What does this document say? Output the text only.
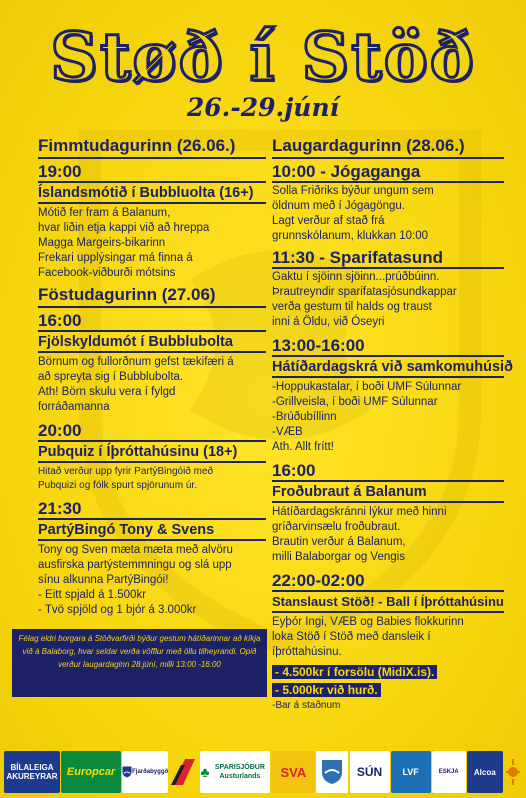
Støð í Stöð
26.-29.júní
Fimmtudagurinn (26.06.)
19:00
Íslandsmótið í Bubbluolta (16+)
Mótið fer fram á Balanum,
hvar liðin etja kappi við að hreppa
Magga Margeirs-bikarinn
Frekari upplýsingar má finna á
Facebook-viðburði mótsins
Föstudagurinn (27.06)
16:00
Fjölskyldumót í Bubblubolta
Börnum og fullorðnum gefst tækifæri á
að spreyta sig í Bubblubolta.
Ath! Börn skulu vera í fylgd
forráðamanna
20:00
Pubquiz í Íþróttahúsinu (18+)
Hitað verður upp fyrir PartýBingóið með
Pubquizi og fólk spurt spjörunum úr.
21:30
PartýBingó Tony & Svens
Tony og Sven mæta mæta með alvöru
ausfirska partýstemmningu og slá upp
sínu alkunna PartýBingói!
- Eitt spjald á 1.500kr
- Tvö spjöld og 1 bjór á 3.000kr
Félag eldri borgara á Stöðvarfirði býður gestum hátíðarinnar að kíkja við á Balaborg, hvar seldar verða vöfflur með öllu tilheyrandi. Opið verður laugardaginn 28.júní, milli 13:00 -16:00
Laugardagurinn (28.06.)
10:00 - Jógaganga
Solla Friðriks býður ungum sem
öldnum með í Jógagöngu.
Lagt verður af stað frá
grunnskólanum, klukkan 10:00
11:30 - Sparifatasund
Gaktu í sjöinn sjöinn...prúðbúinn.
Þrautreyndir sparifatasjósundkappar
verða gestum til halds og traust
inni á Öldu, við Óseyri
13:00-16:00
Hátíðardagskrá við samkomuhúsið
-Hoppukastalar, í boði UMF Súlunnar
-Grillveisla, í boði UMF Súlunnar
-Brúðubíllinn
-VÆB
Ath. Allt frítt!
16:00
Froðubraut á Balanum
Hátíðardagskránni lýkur með hinni
gríðarvinsælu froðubraut.
Brautin verður á Balanum,
milli Balaborgar og Vengis
22:00-02:00
Stanslaust Stöð! - Ball í Íþróttahúsinu
Eyþór Ingi, VÆB og Babies flokkurinn
loka Stöð í Stöð með dansleik í
íþróttahúsinu.
- 4.500kr í forsölu (MidiX.is).
- 5.000kr við hurð.
-Bar á staðnum
BÍLALEIGA AKUREYRAR Europcar	Fjarðabyggð ♣ SPARISJÓÐUR Austurlands	SVA	SÚN	LVF	ESKJA	Alcoa
